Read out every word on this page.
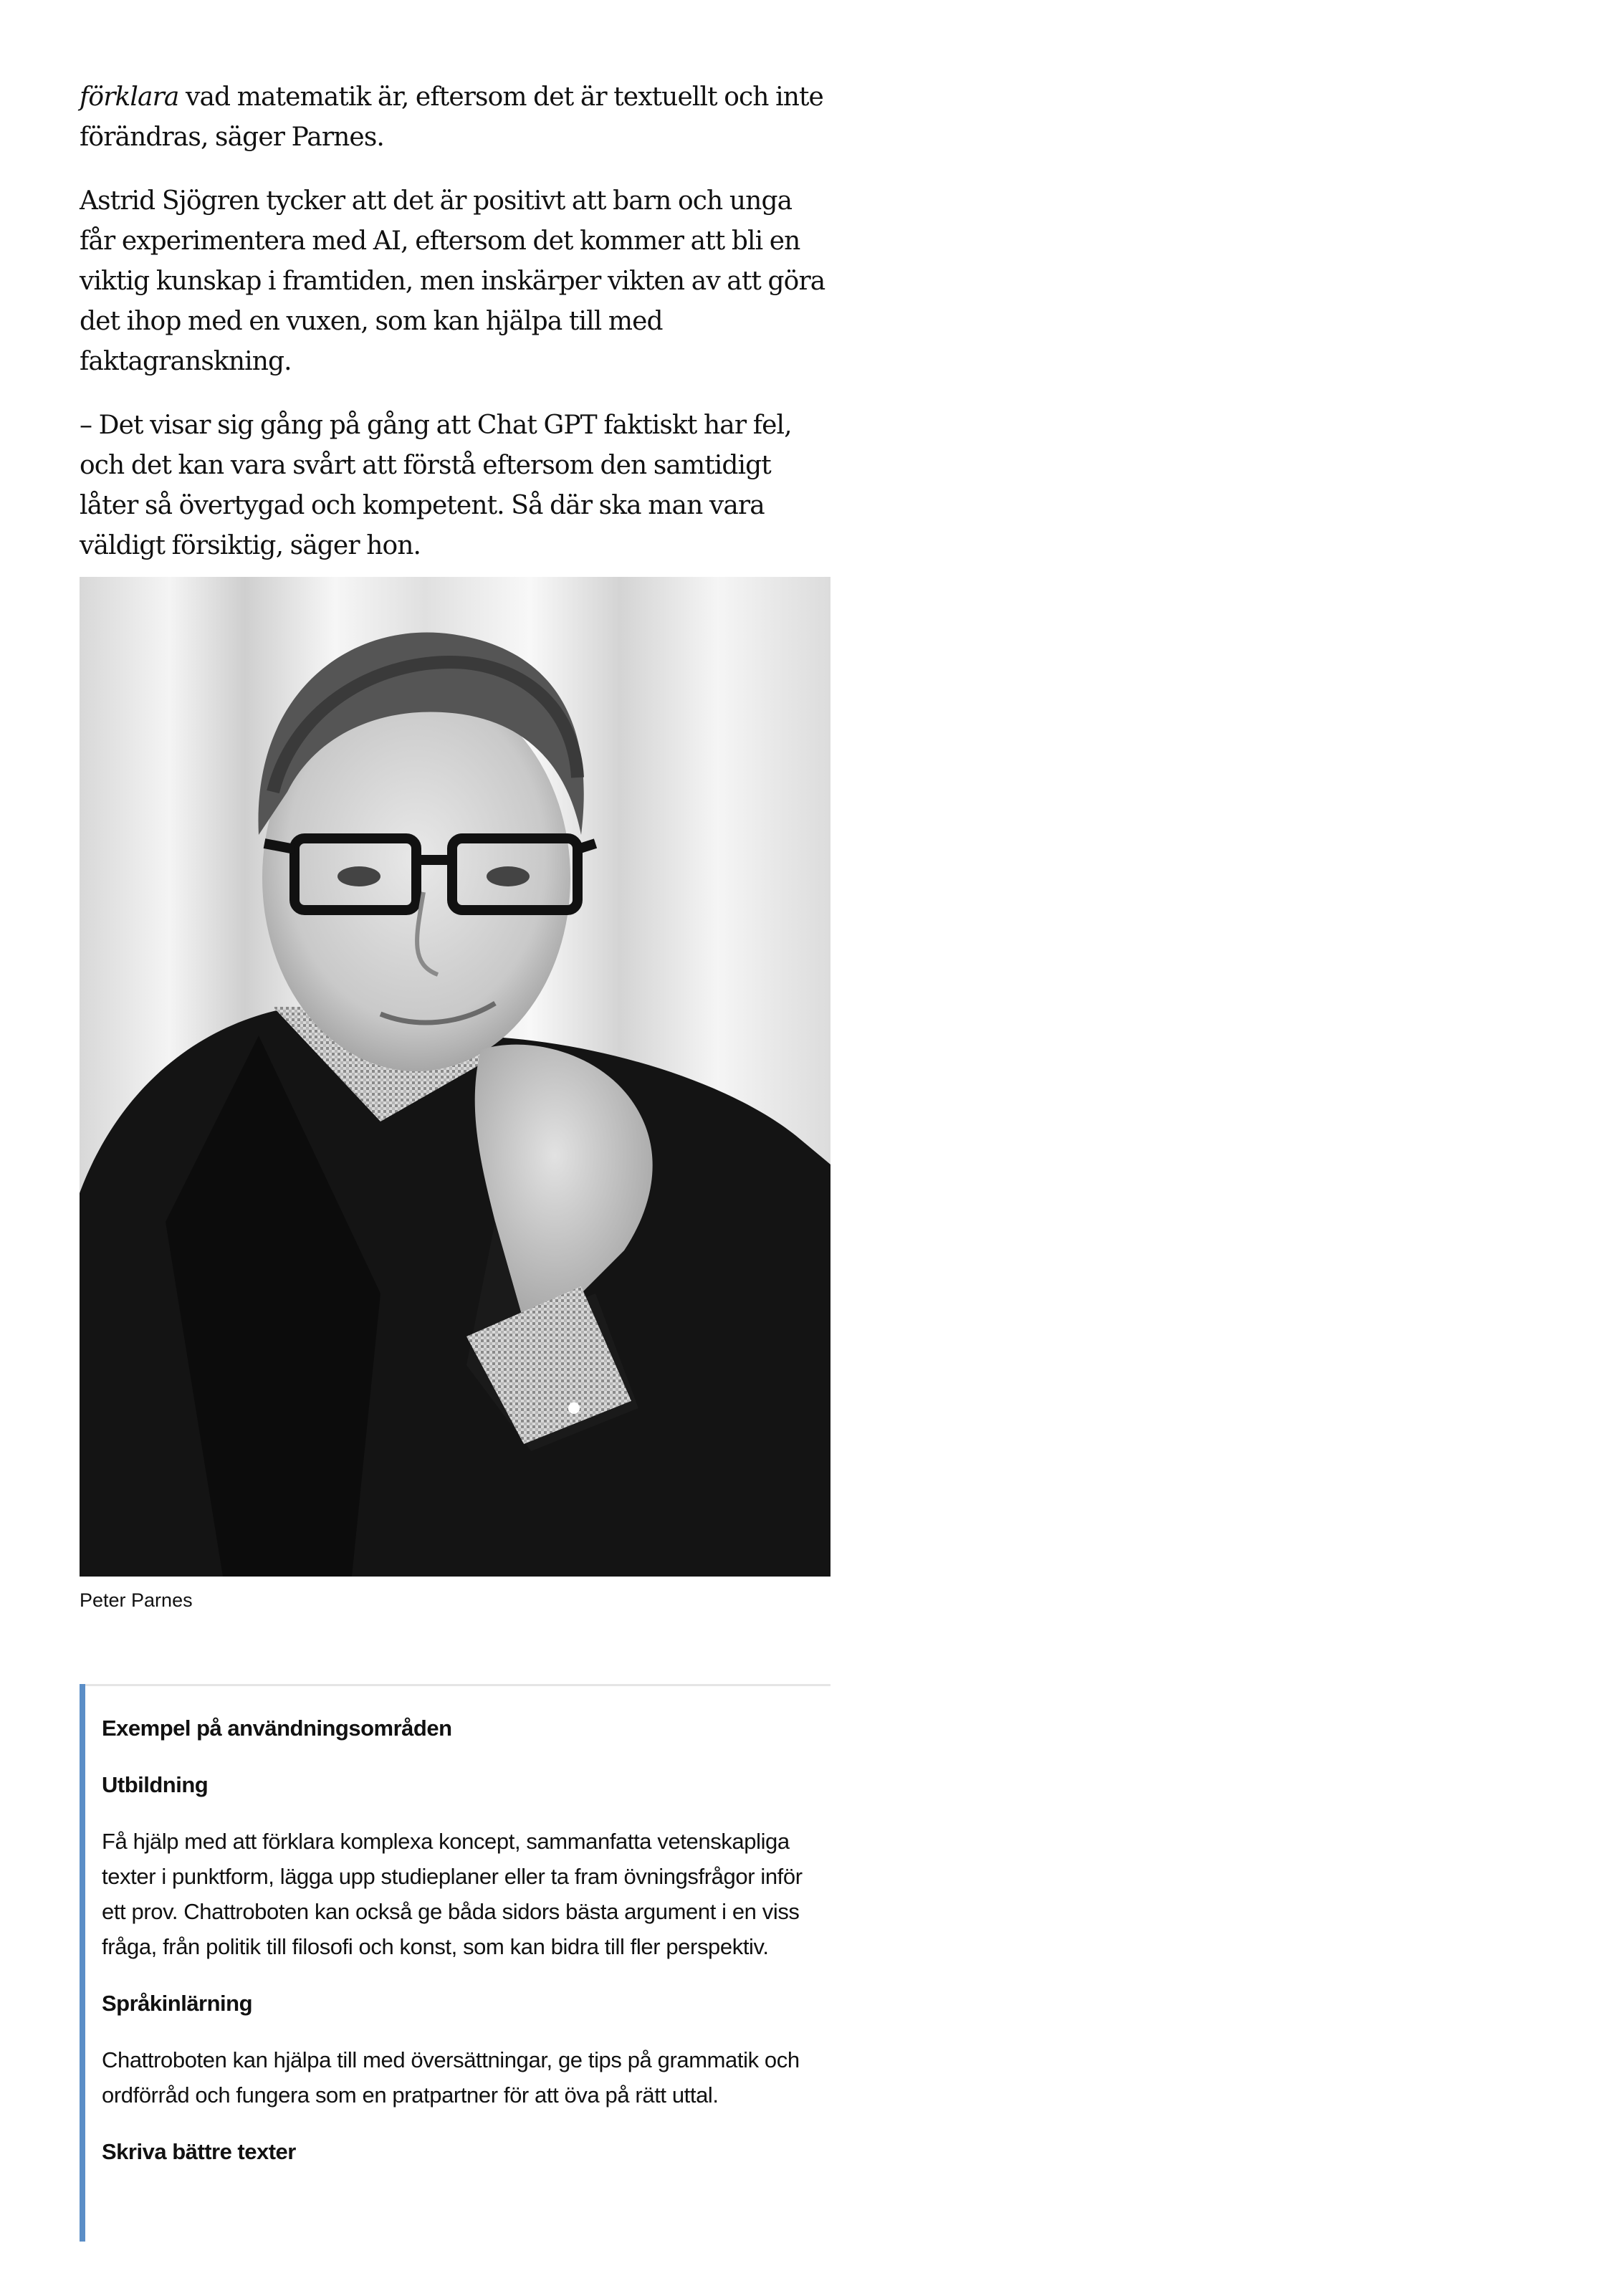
förklara vad matematik är, eftersom det är textuellt och inte förändras, säger Parnes.

Astrid Sjögren tycker att det är positivt att barn och unga får experimentera med AI, eftersom det kommer att bli en viktig kunskap i framtiden, men inskärper vikten av att göra det ihop med en vuxen, som kan hjälpa till med faktagranskning.

– Det visar sig gång på gång att Chat GPT faktiskt har fel, och det kan vara svårt att förstå eftersom den samtidigt låter så övertygad och kompetent. Så där ska man vara väldigt försiktig, säger hon.

Peter Parnes
Exempel på användningsområden
Utbildning
Få hjälp med att förklara komplexa koncept, sammanfatta vetenskapliga texter i punktform, lägga upp studieplaner eller ta fram övningsfrågor inför ett prov. Chattroboten kan också ge båda sidors bästa argument i en viss fråga, från politik till filosofi och konst, som kan bidra till fler perspektiv.
Språkinlärning
Chattroboten kan hjälpa till med översättningar, ge tips på grammatik och ordförråd och fungera som en pratpartner för att öva på rätt uttal.
Skriva bättre texter
